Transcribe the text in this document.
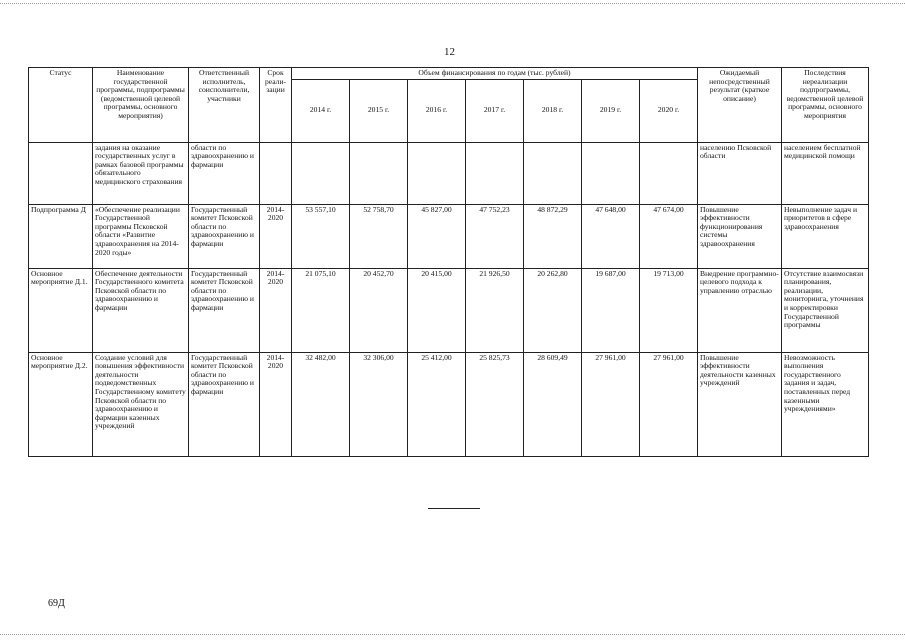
12
Статус	Наименование государственной программы, подпрограммы (ведомственной целевой программы, основного мероприятия)	Ответственный исполнитель, соисполнители, участники	Срок реали-зации	Объем финансирования по годам (тыс. рублей)							Ожидаемый непосредственный результат (краткое описание)	Последствия нереализации подпрограммы, ведомственной целевой программы, основного мероприятия
				2014 г.	2015 г.	2016 г.	2017 г.	2018 г.	2019 г.	2020 г.		
	задания на оказание государственных услуг в рамках базовой программы обязательного медицинского страхования	области по здравоохранению и фармации									населению Псковской области	населением бесплатной медицинской помощи
Подпрограмма Д	«Обеспечение реализации Государственной программы Псковской области «Развитие здравоохранения на 2014-2020 годы»	Государственный комитет Псковской области по здравоохранению и фармации	2014-2020	53 557,10	52 758,70	45 827,00	47 752,23	48 872,29	47 648,00	47 674,00	Повышение эффективности функционирования системы здравоохранения	Невыполнение задач и приоритетов в сфере здравоохранения
Основное мероприятие Д.1.	Обеспечение деятельности Государственного комитета Псковской области по здравоохранению и фармации	Государственный комитет Псковской области по здравоохранению и фармации	2014-2020	21 075,10	20 452,70	20 415,00	21 926,50	20 262,80	19 687,00	19 713,00	Внедрение программно-целевого подхода к управлению отраслью	Отсутствие взаимосвязи планирования, реализации, мониторинга, уточнения и корректировки Государственной программы
Основное мероприятие Д.2.	Создание условий для повышения эффективности деятельности подведомственных Государственному комитету Псковской области по здравоохранению и фармации казенных учреждений	Государственный комитет Псковской области по здравоохранению и фармации	2014-2020	32 482,00	32 306,00	25 412,00	25 825,73	28 609,49	27 961,00	27 961,00	Повышение эффективности деятельности казенных учреждений	Невозможность выполнения государственного задания и задач, поставленных перед казенными учреждениями»
69Д
